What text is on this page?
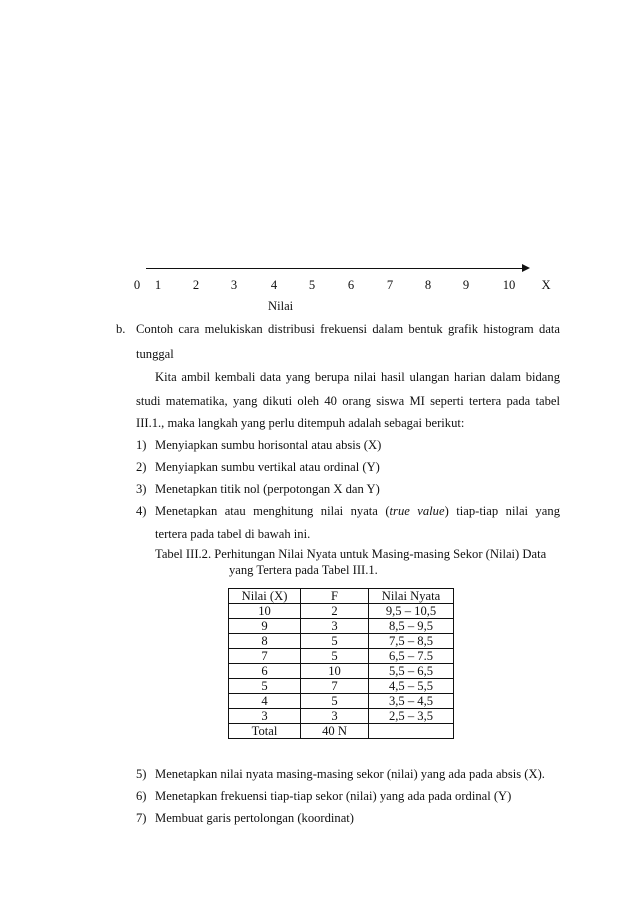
0 1	2	3	4	5	6	7	8	9	10 X
Nilai
b. Contoh cara melukiskan distribusi frekuensi dalam bentuk grafik histogram data
tunggal
Kita ambil kembali data yang berupa nilai hasil ulangan harian dalam bidang
studi matematika, yang dikuti oleh 40 orang siswa MI seperti tertera pada tabel
III.1., maka langkah yang perlu ditempuh adalah sebagai berikut:
1) Menyiapkan sumbu horisontal atau absis (X)
2) Menyiapkan sumbu vertikal atau ordinal (Y)
3) Menetapkan titik nol (perpotongan X dan Y)
4) Menetapkan atau menghitung nilai nyata (true value) tiap-tiap nilai yang
tertera pada tabel di bawah ini.
Tabel III.2. Perhitungan Nilai Nyata untuk Masing-masing Sekor (Nilai) Data
yang Tertera pada Tabel III.1.
Nilai (X)	F	Nilai Nyata
10	2	9,5 – 10,5
9	3	8,5 – 9,5
8	5	7,5 – 8,5
7	5	6,5 – 7.5
6	10	5,5 – 6,5
5	7	4,5 – 5,5
4	5	3,5 – 4,5
3	3	2,5 – 3,5
Total	40 N	
5) Menetapkan nilai nyata masing-masing sekor (nilai) yang ada pada absis (X).
6) Menetapkan frekuensi tiap-tiap sekor (nilai) yang ada pada ordinal (Y)
7) Membuat garis pertolongan (koordinat)
